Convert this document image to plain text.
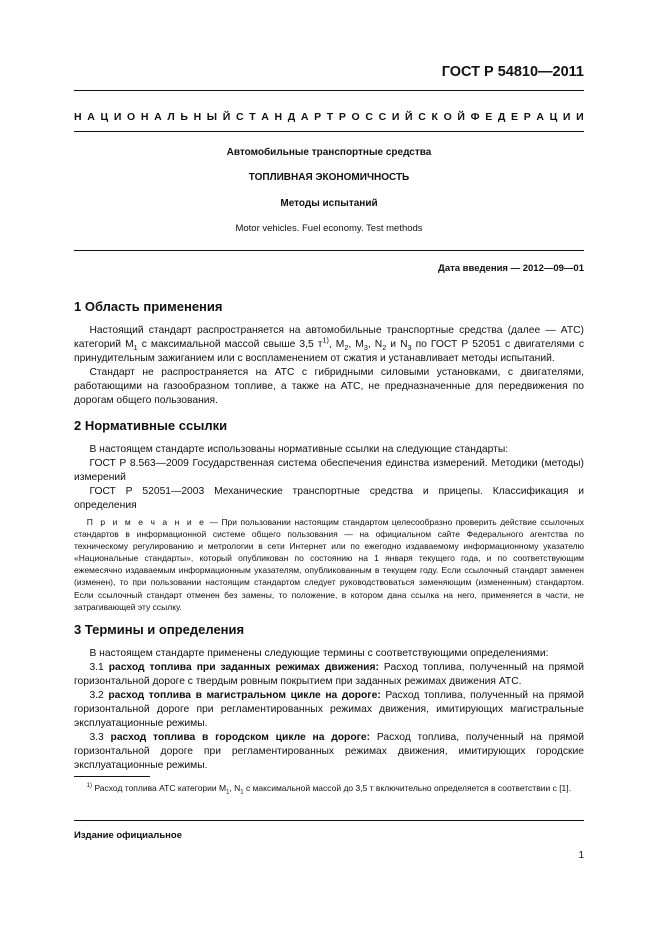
ГОСТ Р 54810—2011
Н А Ц И О Н А Л Ь Н Ы Й С Т А Н Д А Р Т Р О С С И Й С К О Й Ф Е Д Е Р А Ц И И
Автомобильные транспортные средства
ТОПЛИВНАЯ ЭКОНОМИЧНОСТЬ
Методы испытаний
Motor vehicles. Fuel economy. Test methods
Дата введения — 2012—09—01
1 Область применения

  Настоящий стандарт распространяется на автомобильные транспортные средства (далее — АТС) категорий $М_1$ с максимальной массой свыше 3,5 $т^{1)}$, $М_2$, $М_3$, $N_2$ и $N_3$ по ГОСТ Р 52051 с двигателями с принудительным зажиганием или с воспламенением от сжатия и устанавливает методы испытаний.

  Стандарт не распространяется на АТС с гибридными силовыми установками, с двигателями, работающими на газообразном топливе, а также на АТС, не предназначенные для передвижения по дорогам общего пользования.

2 Нормативные ссылки

  В настоящем стандарте использованы нормативные ссылки на следующие стандарты:

  ГОСТ Р 8.563—2009 Государственная система обеспечения единства измерений. Методики (методы) измерений

  ГОСТ Р 52051—2003 Механические транспортные средства и прицепы. Классификация и определения

  П р и м е ч а н и е — При пользовании настоящим стандартом целесообразно проверить действие ссылочных стандартов в информационной системе общего пользования — на официальном сайте Федерального агентства по техническому регулированию и метрологии в сети Интернет или по ежегодно издаваемому информационному указателю «Национальные стандарты», который опубликован по состоянию на 1 января текущего года, и по соответствующим ежемесячно издаваемым информационным указателям, опубликованным в текущем году. Если ссылочный стандарт заменен (изменен), то при пользовании настоящим стандартом следует руководствоваться заменяющим (измененным) стандартом. Если ссылочный стандарт отменен без замены, то положение, в котором дана ссылка на него, применяется в части, не затрагивающей эту ссылку.
3 Термины и определения

  В настоящем стандарте применены следующие термины с соответствующими определениями:

  3.1 расход топлива при заданных режимах движения: Расход топлива, полученный на прямой горизонтальной дороге с твердым ровным покрытием при заданных режимах движения АТС.

  3.2 расход топлива в магистральном цикле на дороге: Расход топлива, полученный на прямой горизонтальной дороге при регламентированных режимах движения, имитирующих магистральные эксплуатационные режимы.

  3.3 расход топлива в городском цикле на дороге: Расход топлива, полученный на прямой горизонтальной дороге при регламентированных режимах движения, имитирующих городские эксплуатационные режимы.

  $^{1)}$ Расход топлива АТС категории $М_1$, $N_1$ с максимальной массой до 3,5 т включительно определяется в соответствии с [1].
Издание официальное
1
